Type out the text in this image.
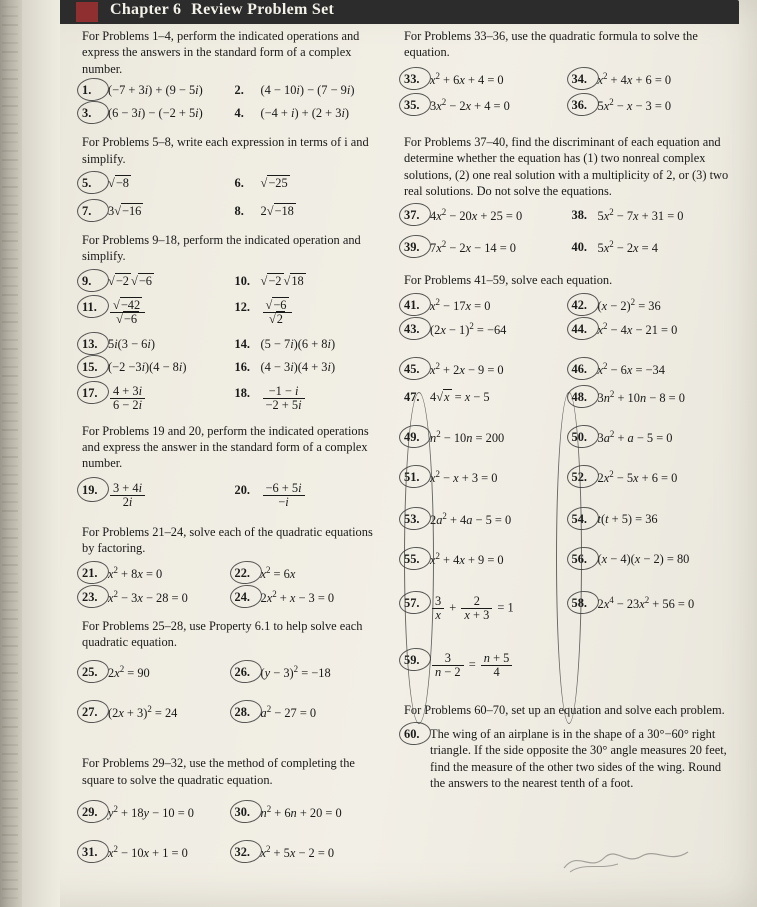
Chapter 6 Review Problem Set

For Problems 1–4, perform the indicated operations and express the answers in the standard form of a complex number.

1. (−7 + 3i) + (9 − 5i)	2. (4 − 10i) − (7 − 9i)
3. (6 − 3i) − (−2 + 5i)	4. (−4 + i) + (2 + 3i)

For Problems 5–8, write each expression in terms of i and simplify.

5. √−8	6. √−25
7. 3√−16	8. 2√−18

For Problems 9–18, perform the indicated operation and simplify.

9. √−2 √−6	10. √−2 √18
11. $\frac{√-42}{√-6}$	12. $\frac{√-6}{√2}$
13. 5i(3 − 6i)	14. (5 − 7i)(6 + 8i)
15. (−2 −3i)(4 − 8i)	16. (4 − 3i)(4 + 3i)
17. $\frac{4 + 3i}{6 - 2i}$	18. $\frac{-1 - i}{-2 + 5i}$

For Problems 19 and 20, perform the indicated operations and express the answer in the standard form of a complex number.

19. $\frac{3 + 4i}{2i}$	20. $\frac{-6 + 5i}{-i}$

For Problems 21–24, solve each of the quadratic equations by factoring.

21. $x^2 + 8x = 0$	22. $x^2 = 6x$
23. $x^2 - 3x - 28 = 0$	24. $2x^2 + x - 3 = 0$

For Problems 25–28, use Property 6.1 to help solve each quadratic equation.

25. $2x^2 = 90$	26. $(y - 3)^2 = -18$
27. $(2x + 3)^2 = 24$	28. $a^2 - 27 = 0$

For Problems 29–32, use the method of completing the square to solve the quadratic equation.

29. $y^2 + 18y - 10 = 0$	30. $n^2 + 6n + 20 = 0$
31. $x^2 - 10x + 1 = 0$	32. $x^2 + 5x - 2 = 0$

For Problems 33–36, use the quadratic formula to solve the equation.

33. $x^2 + 6x + 4 = 0$	34. $x^2 + 4x + 6 = 0$
35. $3x^2 - 2x + 4 = 0$	36. $5x^2 - x - 3 = 0$

For Problems 37–40, find the discriminant of each equation and determine whether the equation has (1) two nonreal complex solutions, (2) one real solution with a multiplicity of 2, or (3) two real solutions. Do not solve the equations.

37. $4x^2 - 20x + 25 = 0$	38. $5x^2 - 7x + 31 = 0$
39. $7x^2 - 2x - 14 = 0$	40. $5x^2 - 2x = 4$

For Problems 41–59, solve each equation.

41. $x^2 - 17x = 0$	42. $(x - 2)^2 = 36$
43. $(2x - 1)^2 = -64$	44. $x^2 - 4x - 21 = 0$
45. $x^2 + 2x - 9 = 0$	46. $x^2 - 6x = -34$
47. 4√x = x − 5	48. $3n^2 + 10n - 8 = 0$
49. $n^2 - 10n = 200$	50. $3a^2 + a - 5 = 0$
51. $x^2 - x + 3 = 0$	52. $2x^2 - 5x + 6 = 0$
53. $2a^2 + 4a - 5 = 0$	54. t(t + 5) = 36
55. $x^2 + 4x + 9 = 0$	56. (x − 4)(x − 2) = 80
57. $\frac{3}{x} + \frac{2}{x + 3} = 1$	58. $2x^4 - 23x^2 + 56 = 0$
59. $\frac{3}{n - 2} = \frac{n + 5}{4}$

For Problems 60–70, set up an equation and solve each problem.

60. The wing of an airplane is in the shape of a 30°−60° right triangle. If the side opposite the 30° angle measures 20 feet, find the measure of the other two sides of the wing. Round the answers to the nearest tenth of a foot.
